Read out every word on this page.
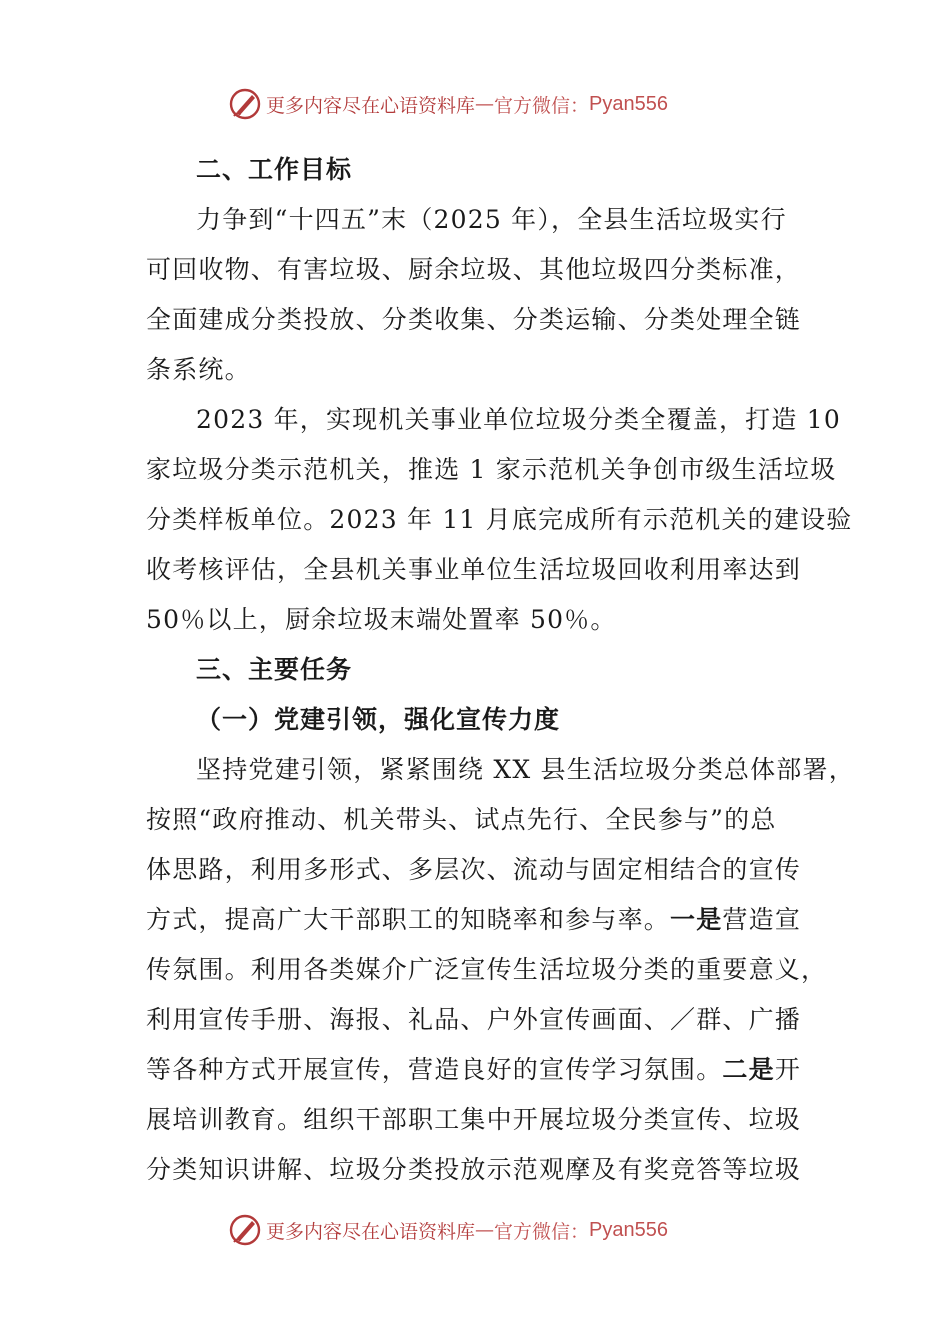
更多内容尽在心语资料库 — 官方微信： Pyan556
二、工作目标
力争到“十四五”末（2025 年），全县生活垃圾实行
可回收物、有害垃圾、厨余垃圾、其他垃圾四分类标准，
全面建成分类投放、分类收集、分类运输、分类处理全链
条系统。
2023 年，实现机关事业单位垃圾分类全覆盖，打造 10
家垃圾分类示范机关，推选 1 家示范机关争创市级生活垃圾
分类样板单位。2023 年 11 月底完成所有示范机关的建设验
收考核评估，全县机关事业单位生活垃圾回收利用率达到
50％以上，厨余垃圾末端处置率 50％。
三、主要任务
（一）党建引领，强化宣传力度
坚持党建引领，紧紧围绕 XX 县生活垃圾分类总体部署，
按照“政府推动、机关带头、试点先行、全民参与”的总
体思路，利用多形式、多层次、流动与固定相结合的宣传
方式，提高广大干部职工的知晓率和参与率。一是营造宣
传氛围。利用各类媒介广泛宣传生活垃圾分类的重要意义，
利用宣传手册、海报、礼品、户外宣传画面、／群、广播
等各种方式开展宣传，营造良好的宣传学习氛围。二是开
展培训教育。组织干部职工集中开展垃圾分类宣传、垃圾
分类知识讲解、垃圾分类投放示范观摩及有奖竞答等垃圾
更多内容尽在心语资料库 — 官方微信： Pyan556
